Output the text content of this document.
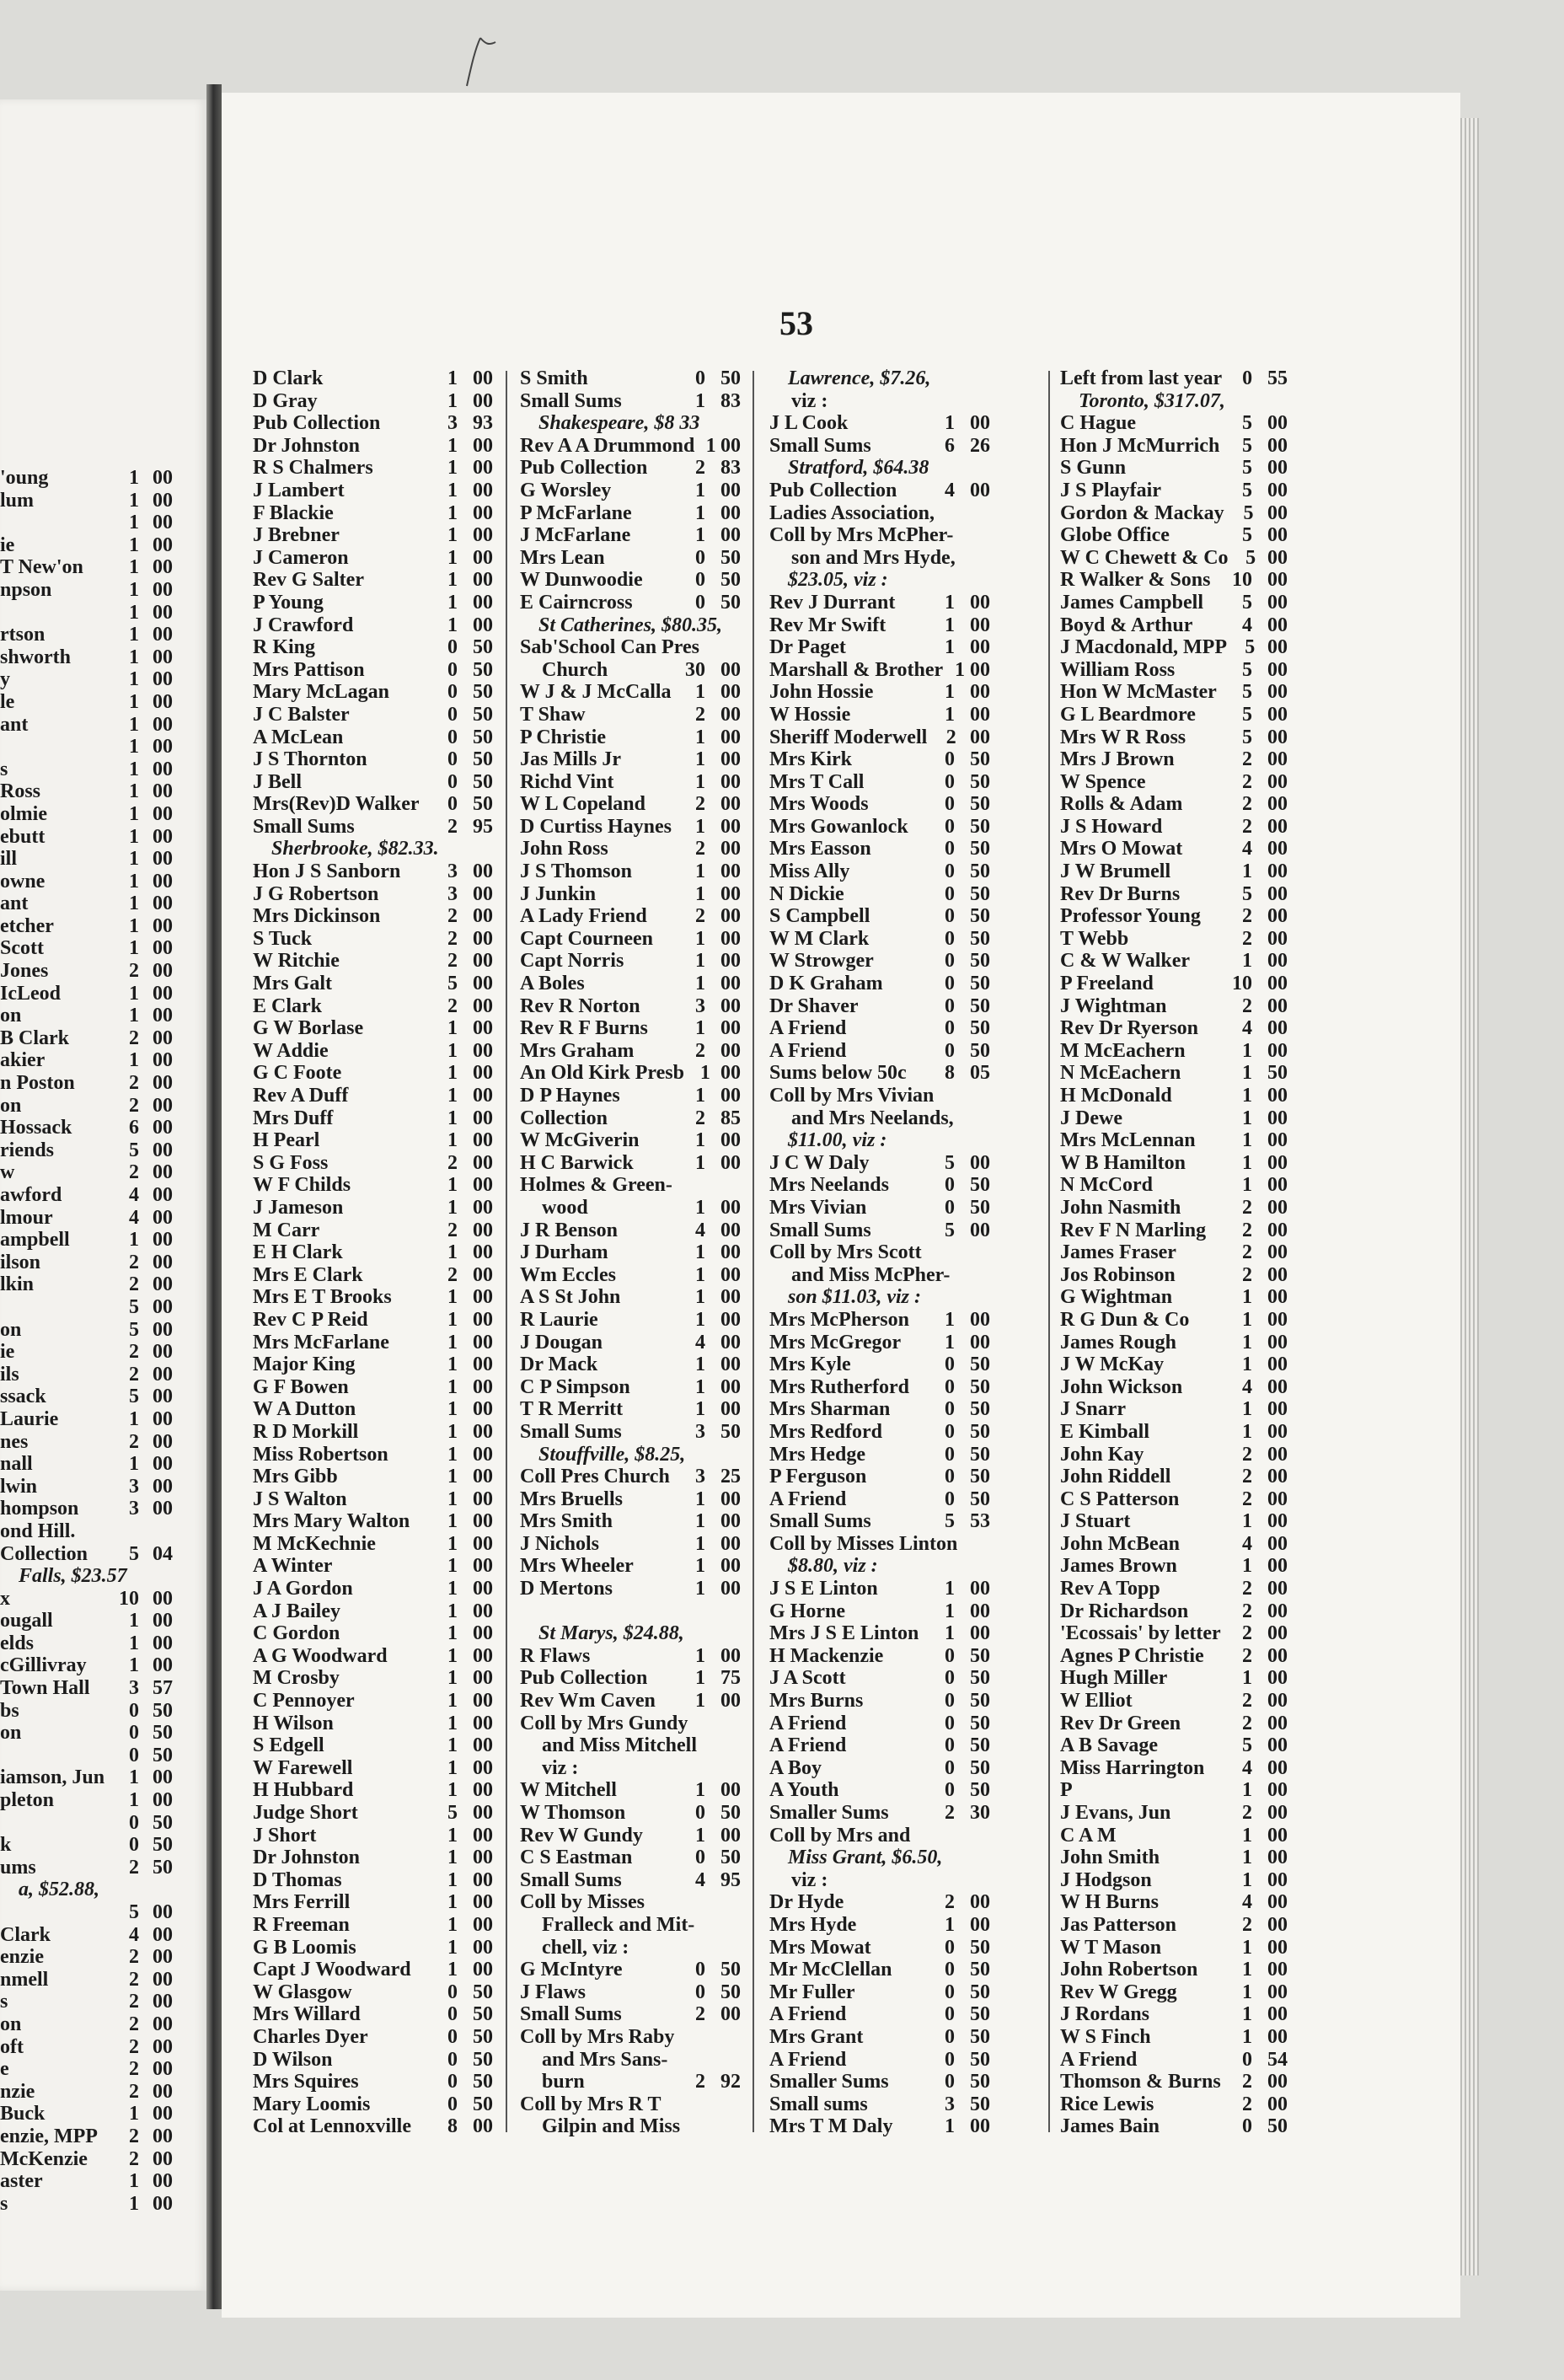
'oung	1 00
lum	1 00
1 00
ie	1 00
T New'on	1 00
npson	1 00
1 00
rtson	1 00
shworth	1 00
y	1 00
le	1 00
ant	1 00
1 00
s	1 00
Ross	1 00
olmie	1 00
ebutt	1 00
ill	1 00
owne	1 00
ant	1 00
etcher	1 00
Scott	1 00
Jones	2 00
IcLeod	1 00
on	1 00
B Clark	2 00
akier	1 00
n Poston	2 00
on	2 00
Hossack	6 00
riends	5 00
w	2 00
awford	4 00
lmour	4 00
ampbell	1 00
ilson	2 00
lkin	2 00
5 00
on	5 00
ie	2 00
ils	2 00
ssack	5 00
Laurie	1 00
nes	2 00
nall	1 00
lwin	3 00
hompson	3 00
ond Hill.
Collection	5 04
Falls, $23.57
x	10 00
ougall	1 00
elds	1 00
cGillivray	1 00
Town Hall	3 57
bs	0 50
on	0 50
0 50
iamson, Jun	1 00
pleton	1 00
0 50
k	0 50
ums	2 50
a, $52.88,
5 00
Clark	4 00
enzie	2 00
nmell	2 00
s	2 00
on	2 00
oft	2 00
e	2 00
nzie	2 00
Buck	1 00
enzie, MPP	2 00
McKenzie	2 00
aster	1 00
s	1 00
53
D Clark	1 00
D Gray	1 00
Pub Collection	3 93
Dr Johnston	1 00
R S Chalmers	1 00
J Lambert	1 00
F Blackie	1 00
J Brebner	1 00
J Cameron	1 00
Rev G Salter	1 00
P Young	1 00
J Crawford	1 00
R King	0 50
Mrs Pattison	0 50
Mary McLagan	0 50
J C Balster	0 50
A McLean	0 50
J S Thornton	0 50
J Bell	0 50
Mrs(Rev)D Walker	0 50
Small Sums	2 95
Sherbrooke, $82.33.
Hon J S Sanborn	3 00
J G Robertson	3 00
Mrs Dickinson	2 00
S Tuck	2 00
W Ritchie	2 00
Mrs Galt	5 00
E Clark	2 00
G W Borlase	1 00
W Addie	1 00
G C Foote	1 00
Rev A Duff	1 00
Mrs Duff	1 00
H Pearl	1 00
S G Foss	2 00
W F Childs	1 00
J Jameson	1 00
M Carr	2 00
E H Clark	1 00
Mrs E Clark	2 00
Mrs E T Brooks	1 00
Rev C P Reid	1 00
Mrs McFarlane	1 00
Major King	1 00
G F Bowen	1 00
W A Dutton	1 00
R D Morkill	1 00
Miss Robertson	1 00
Mrs Gibb	1 00
J S Walton	1 00
Mrs Mary Walton	1 00
M McKechnie	1 00
A Winter	1 00
J A Gordon	1 00
A J Bailey	1 00
C Gordon	1 00
A G Woodward	1 00
M Crosby	1 00
C Pennoyer	1 00
H Wilson	1 00
S Edgell	1 00
W Farewell	1 00
H Hubbard	1 00
Judge Short	5 00
J Short	1 00
Dr Johnston	1 00
D Thomas	1 00
Mrs Ferrill	1 00
R Freeman	1 00
G B Loomis	1 00
Capt J Woodward	1 00
W Glasgow	0 50
Mrs Willard	0 50
Charles Dyer	0 50
D Wilson	0 50
Mrs Squires	0 50
Mary Loomis	0 50
Col at Lennoxville	8 00
S Smith	0 50
Small Sums	1 83
Shakespeare, $8 33
Rev A A Drummond 1 00
Pub Collection	2 83
G Worsley	1 00
P McFarlane	1 00
J McFarlane	1 00
Mrs Lean	0 50
W Dunwoodie	0 50
E Cairncross	0 50
St Catherines, $80.35,
Sab'School Can Pres
Church	30 00
W J & J McCalla	1 00
T Shaw	2 00
P Christie	1 00
Jas Mills Jr	1 00
Richd Vint	1 00
W L Copeland	2 00
D Curtiss Haynes	1 00
John Ross	2 00
J S Thomson	1 00
J Junkin	1 00
A Lady Friend	2 00
Capt Courneen	1 00
Capt Norris	1 00
A Boles	1 00
Rev R Norton	3 00
Rev R F Burns	1 00
Mrs Graham	2 00
An Old Kirk Presb 1 00
D P Haynes	1 00
Collection	2 85
W McGiverin	1 00
H C Barwick	1 00
Holmes & Green-
wood	1 00
J R Benson	4 00
J Durham	1 00
Wm Eccles	1 00
A S St John	1 00
R Laurie	1 00
J Dougan	4 00
Dr Mack	1 00
C P Simpson	1 00
T R Merritt	1 00
Small Sums	3 50
Stouffville, $8.25,
Coll Pres Church	3 25
Mrs Bruells	1 00
Mrs Smith	1 00
J Nichols	1 00
Mrs Wheeler	1 00
D Mertons	1 00
St Marys, $24.88,
R Flaws	1 00
Pub Collection	1 75
Rev Wm Caven	1 00
Coll by Mrs Gundy
and Miss Mitchell
viz :
W Mitchell	1 00
W Thomson	0 50
Rev W Gundy	1 00
C S Eastman	0 50
Small Sums	4 95
Coll by Misses
Fralleck and Mit-
chell, viz :
G McIntyre	0 50
J Flaws	0 50
Small Sums	2 00
Coll by Mrs Raby
and Mrs Sans-
burn	2 92
Coll by Mrs R T
Gilpin and Miss
Lawrence, $7.26,
viz :
J L Cook	1 00
Small Sums	6 26
Stratford, $64.38
Pub Collection	4 00
Ladies Association,
Coll by Mrs McPher-
son and Mrs Hyde,
$23.05, viz :
Rev J Durrant	1 00
Rev Mr Swift	1 00
Dr Paget	1 00
Marshall & Brother 1 00
John Hossie	1 00
W Hossie	1 00
Sheriff Moderwell 2 00
Mrs Kirk	0 50
Mrs T Call	0 50
Mrs Woods	0 50
Mrs Gowanlock	0 50
Mrs Easson	0 50
Miss Ally	0 50
N Dickie	0 50
S Campbell	0 50
W M Clark	0 50
W Strowger	0 50
D K Graham	0 50
Dr Shaver	0 50
A Friend	0 50
A Friend	0 50
Sums below 50c	8 05
Coll by Mrs Vivian
and Mrs Neelands,
$11.00, viz :
J C W Daly	5 00
Mrs Neelands	0 50
Mrs Vivian	0 50
Small Sums	5 00
Coll by Mrs Scott
and Miss McPher-
son $11.03, viz :
Mrs McPherson	1 00
Mrs McGregor	1 00
Mrs Kyle	0 50
Mrs Rutherford	0 50
Mrs Sharman	0 50
Mrs Redford	0 50
Mrs Hedge	0 50
P Ferguson	0 50
A Friend	0 50
Small Sums	5 53
Coll by Misses Linton
$8.80, viz :
J S E Linton	1 00
G Horne	1 00
Mrs J S E Linton	1 00
H Mackenzie	0 50
J A Scott	0 50
Mrs Burns	0 50
A Friend	0 50
A Friend	0 50
A Boy	0 50
A Youth	0 50
Smaller Sums	2 30
Coll by Mrs and
Miss Grant, $6.50,
viz :
Dr Hyde	2 00
Mrs Hyde	1 00
Mrs Mowat	0 50
Mr McClellan	0 50
Mr Fuller	0 50
A Friend	0 50
Mrs Grant	0 50
A Friend	0 50
Smaller Sums	0 50
Small sums	3 50
Mrs T M Daly	1 00
Left from last year 0 55
Toronto, $317.07,
C Hague	5 00
Hon J McMurrich	5 00
S Gunn	5 00
J S Playfair	5 00
Gordon & Mackay 5 00
Globe Office	5 00
W C Chewett & Co 5 00
R Walker & Sons	10 00
James Campbell	5 00
Boyd & Arthur	4 00
J Macdonald, MPP 5 00
William Ross	5 00
Hon W McMaster	5 00
G L Beardmore	5 00
Mrs W R Ross	5 00
Mrs J Brown	2 00
W Spence	2 00
Rolls & Adam	2 00
J S Howard	2 00
Mrs O Mowat	4 00
J W Brumell	1 00
Rev Dr Burns	5 00
Professor Young	2 00
T Webb	2 00
C & W Walker	1 00
P Freeland	10 00
J Wightman	2 00
Rev Dr Ryerson	4 00
M McEachern	1 00
N McEachern	1 50
H McDonald	1 00
J Dewe	1 00
Mrs McLennan	1 00
W B Hamilton	1 00
N McCord	1 00
John Nasmith	2 00
Rev F N Marling	2 00
James Fraser	2 00
Jos Robinson	2 00
G Wightman	1 00
R G Dun & Co	1 00
James Rough	1 00
J W McKay	1 00
John Wickson	4 00
J Snarr	1 00
E Kimball	1 00
John Kay	2 00
John Riddell	2 00
C S Patterson	2 00
J Stuart	1 00
John McBean	4 00
James Brown	1 00
Rev A Topp	2 00
Dr Richardson	2 00
'Ecossais' by letter	2 00
Agnes P Christie	2 00
Hugh Miller	1 00
W Elliot	2 00
Rev Dr Green	2 00
A B Savage	5 00
Miss Harrington	4 00
P	1 00
J Evans, Jun	2 00
C A M	1 00
John Smith	1 00
J Hodgson	1 00
W H Burns	4 00
Jas Patterson	2 00
W T Mason	1 00
John Robertson	1 00
Rev W Gregg	1 00
J Rordans	1 00
W S Finch	1 00
A Friend	0 54
Thomson & Burns	2 00
Rice Lewis	2 00
James Bain	0 50
